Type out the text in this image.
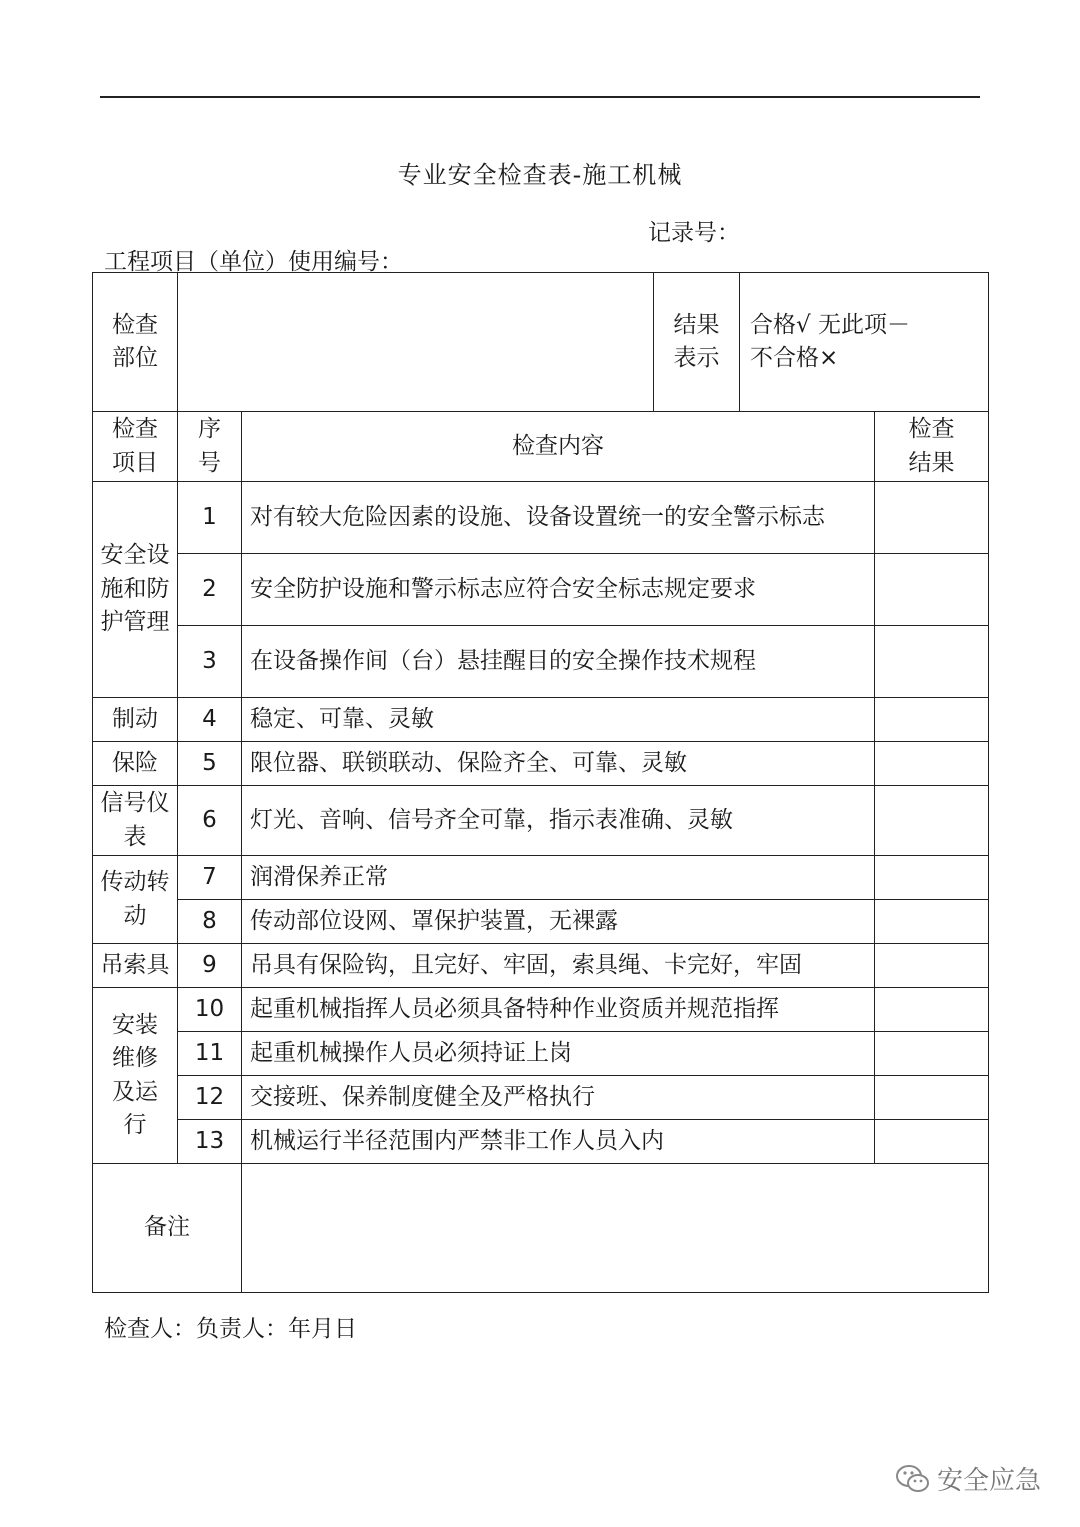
专业安全检查表-施工机械
记录号：
工程项目（单位）使用编号：
检查部位			结果表示	合格√ 无此项－
不合格×	

检查项目	序号	检查内容			检查结果

安全设施和防护管理	1	对有较大危险因素的设施、设备设置统一的安全警示标志			
	2	安全防护设施和警示标志应符合安全标志规定要求			
	3	在设备操作间（台）悬挂醒目的安全操作技术规程			
制动	4	稳定、可靠、灵敏			
保险	5	限位器、联锁联动、保险齐全、可靠、灵敏			
信号仪表	6	灯光、音响、信号齐全可靠，指示表准确、灵敏			
传动转动	7	润滑保养正常			
	8	传动部位设网、罩保护装置，无裸露			
吊索具	9	吊具有保险钩，且完好、牢固，索具绳、卡完好，牢固			

安装维修及运行	10	起重机械指挥人员必须具备特种作业资质并规范指挥			
	11	起重机械操作人员必须持证上岗			
	12	交接班、保养制度健全及严格执行			
	13	机械运行半径范围内严禁非工作人员入内			
备注					
检查人：负责人：年月日
安全应急
